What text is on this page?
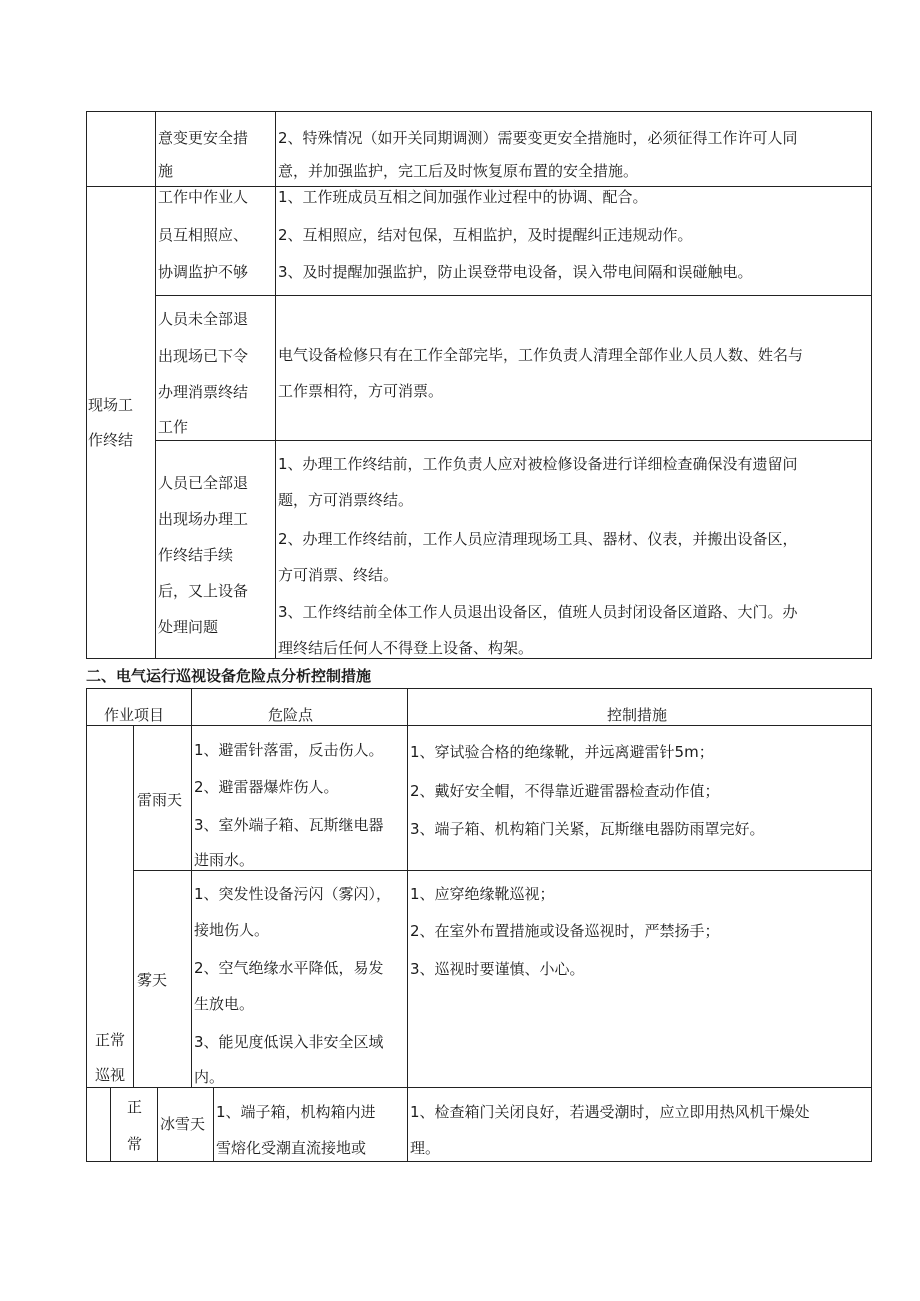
意变更安全措
施
2、特殊情况（如开关同期调测）需要变更安全措施时，必须征得工作许可人同
意，并加强监护，完工后及时恢复原布置的安全措施。
工作中作业人
员互相照应、
协调监护不够
1、工作班成员互相之间加强作业过程中的协调、配合。
2、互相照应，结对包保，互相监护，及时提醒纠正违规动作。
3、及时提醒加强监护，防止误登带电设备，误入带电间隔和误碰触电。
现场工
作终结
人员未全部退
出现场已下令
办理消票终结
工作
电气设备检修只有在工作全部完毕，工作负责人清理全部作业人员人数、姓名与
工作票相符，方可消票。
人员已全部退
出现场办理工
作终结手续
后，又上设备
处理问题
1、办理工作终结前，工作负责人应对被检修设备进行详细检查确保没有遗留问
题，方可消票终结。
2、办理工作终结前，工作人员应清理现场工具、器材、仪表，并搬出设备区，
方可消票、终结。
3、工作终结前全体工作人员退出设备区，值班人员封闭设备区道路、大门。办
理终结后任何人不得登上设备、构架。
二、电气运行巡视设备危险点分析控制措施
作业项目	危险点	控制措施
正常
巡视
雷雨天
1、避雷针落雷，反击伤人。
2、避雷器爆炸伤人。
3、室外端子箱、瓦斯继电器
进雨水。
1、穿试验合格的绝缘靴，并远离避雷针5m；
2、戴好安全帽，不得靠近避雷器检查动作值；
3、端子箱、机构箱门关紧，瓦斯继电器防雨罩完好。
雾天
1、突发性设备污闪（雾闪），
接地伤人。
2、空气绝缘水平降低，易发
生放电。
3、能见度低误入非安全区域
内。
1、应穿绝缘靴巡视；
2、在室外布置措施或设备巡视时，严禁扬手；
3、巡视时要谨慎、小心。
正
常
冰雪天
1、端子箱，机构箱内进
雪熔化受潮直流接地或
1、检查箱门关闭良好，若遇受潮时，应立即用热风机干燥处
理。
